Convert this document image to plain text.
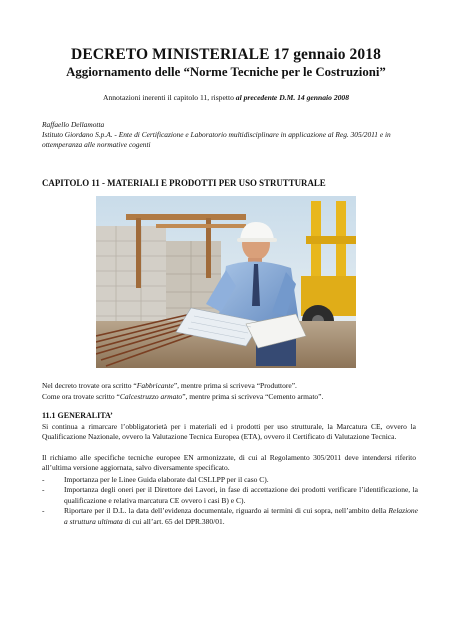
DECRETO MINISTERIALE 17 gennaio 2018
Aggiornamento delle “Norme Tecniche per le Costruzioni”
Annotazioni inerenti il capitolo 11, rispetto al precedente D.M. 14 gennaio 2008
Raffaello Dellamotta
Istituto Giordano S.p.A. - Ente di Certificazione e Laboratorio multidisciplinare in applicazione al Reg. 305/2011 e in ottemperanza alle normative cogenti
CAPITOLO 11 - MATERIALI E PRODOTTI PER USO STRUTTURALE
Nel decreto trovate ora scritto “Fabbricante”, mentre prima si scriveva “Produttore”.
Come ora trovate scritto “Calcestruzzo armato”, mentre prima si scriveva “Cemento armato”.
11.1 GENERALITA’
Si continua a rimarcare l’obbligatorietà per i materiali ed i prodotti per uso strutturale, la Marcatura CE, ovvero la Qualificazione Nazionale, ovvero la Valutazione Tecnica Europea (ETA), ovvero il Certificato di Valutazione Tecnica.
Il richiamo alle specifiche tecniche europee EN armonizzate, di cui al Regolamento 305/2011 deve intendersi riferito all’ultima versione aggiornata, salvo diversamente specificato.
-	Importanza per le Linee Guida elaborate dal CSLLPP per il caso C).
-	Importanza degli oneri per il Direttore dei Lavori, in fase di accettazione dei prodotti verificare l’identificazione, la qualificazione e relativa marcatura CE ovvero i casi B) e C).
-	Riportare per il D.L. la data dell’evidenza documentale, riguardo ai termini di cui sopra, nell’ambito della Relazione a struttura ultimata di cui all’art. 65 del DPR.380/01.
